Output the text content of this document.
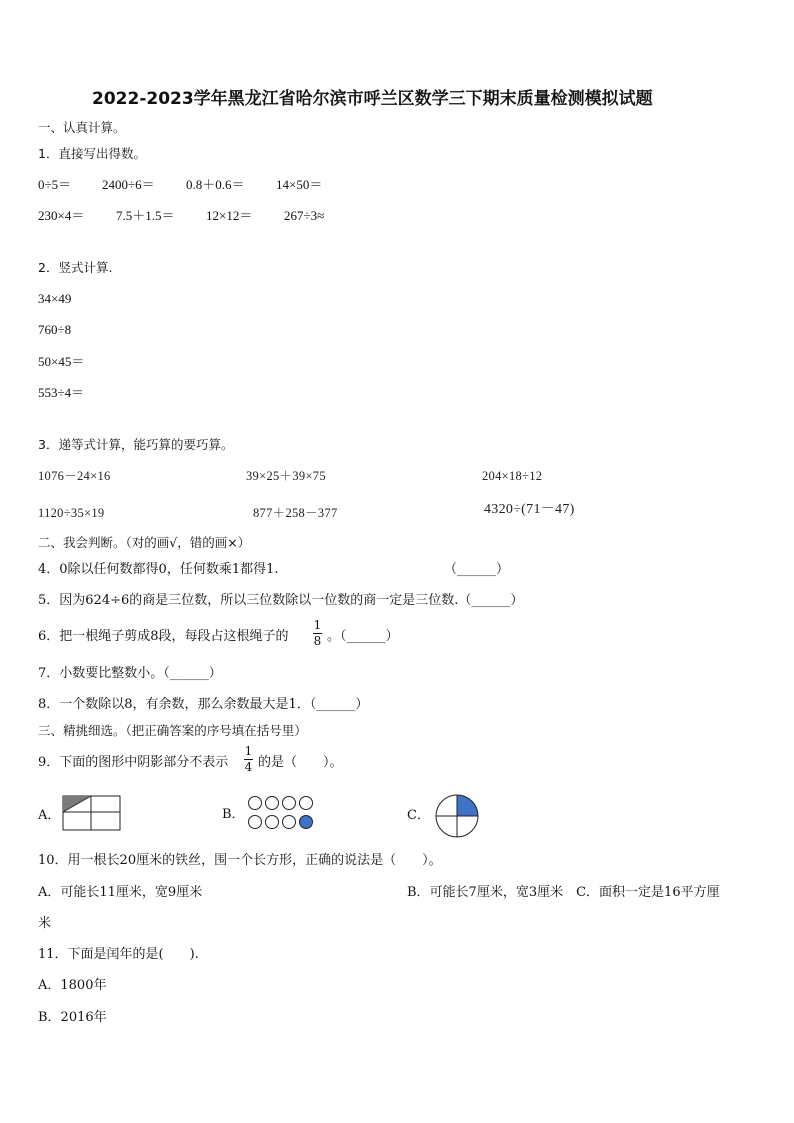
2022-2023学年黑龙江省哈尔滨市呼兰区数学三下期末质量检测模拟试题
一、认真计算。
1．直接写出得数。
0÷5＝ 2400÷6＝ 0.8＋0.6＝ 14×50＝
230×4＝ 7.5＋1.5＝ 12×12＝ 267÷3≈
2．竖式计算.
34×49
760÷8
50×45＝
553÷4＝
3．递等式计算，能巧算的要巧算。
1076－24×16	39×25＋39×75	204×18÷12
1120÷35×19	877＋258－377	4320÷(71－47)
二、我会判断。（对的画√，错的画×）
4．0除以任何数都得0，任何数乘1都得1.	（______）
5．因为624÷6的商是三位数，所以三位数除以一位数的商一定是三位数.（______）
6．把一根绳子剪成8段，每段占这根绳子的
1
8 。（______）
7．小数要比整数小。（______）
8．一个数除以8，有余数，那么余数最大是1．（______）
三、精挑细选。（把正确答案的序号填在括号里）
9．下面的图形中阴影部分不表示
1
4 的是（　　）。
A．	B．	C．
10．用一根长20厘米的铁丝，围一个长方形，正确的说法是（　　）。
A．可能长11厘米，宽9厘米	B．可能长7厘米，宽3厘米　C．面积一定是16平方厘
米
11．下面是闰年的是(　　).
A．1800年
B．2016年
